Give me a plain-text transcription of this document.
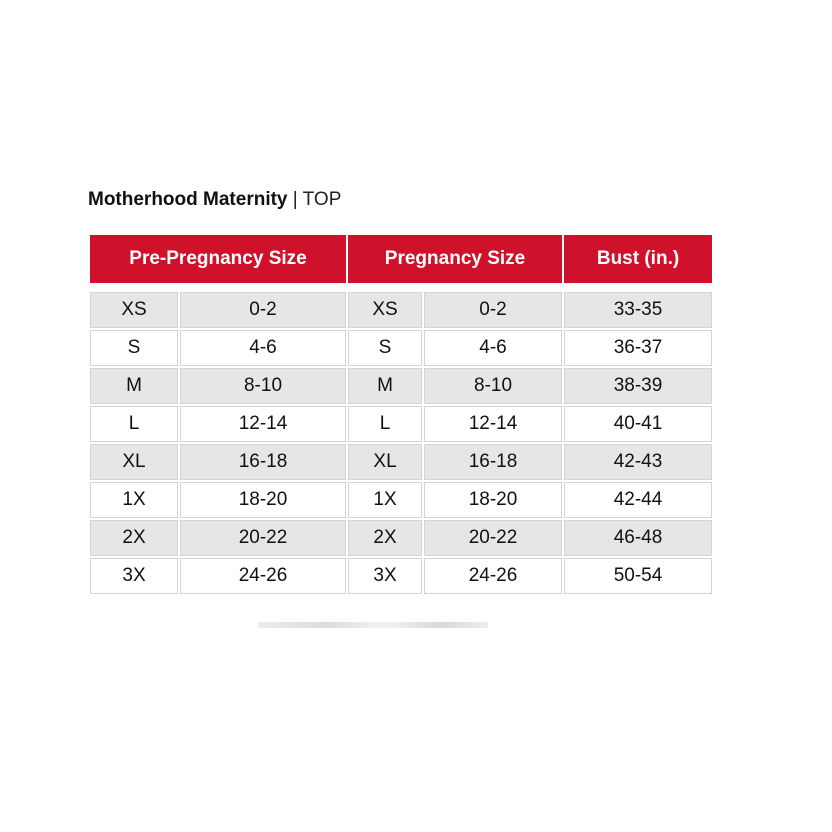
Motherhood Maternity | TOP
Pre-Pregnancy Size		Pregnancy Size		Bust (in.)

XS	0-2	XS	0-2	33-35
S	4-6	S	4-6	36-37
M	8-10	M	8-10	38-39
L	12-14	L	12-14	40-41
XL	16-18	XL	16-18	42-43
1X	18-20	1X	18-20	42-44
2X	20-22	2X	20-22	46-48
3X	24-26	3X	24-26	50-54
